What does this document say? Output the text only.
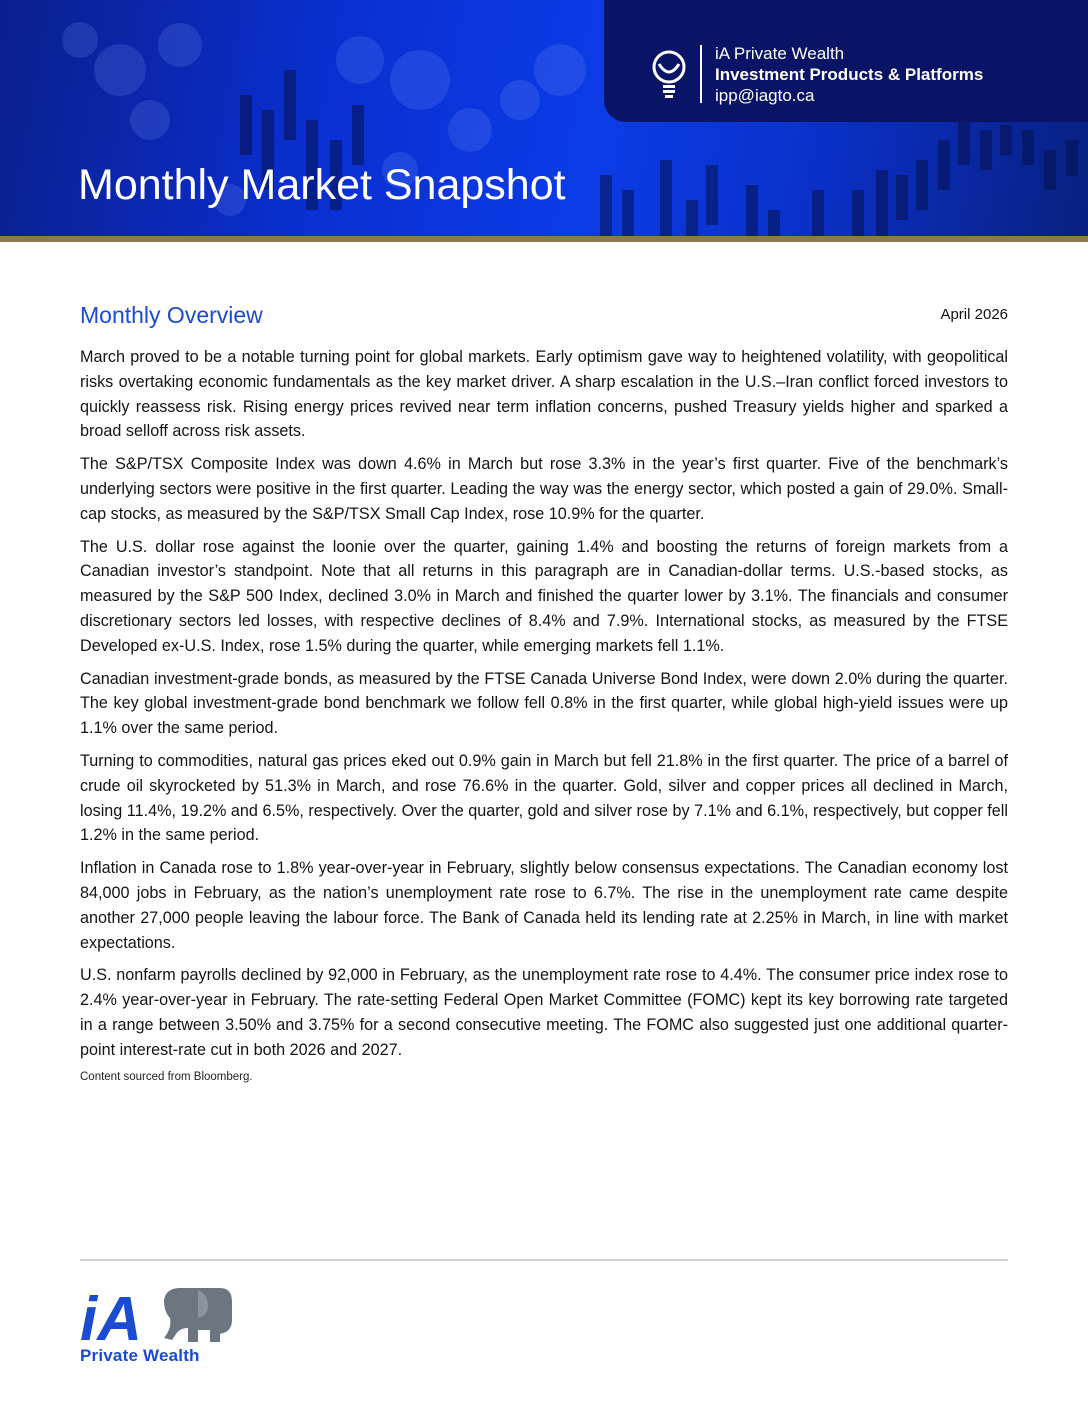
iA Private Wealth
Investment Products & Platforms
ipp@iagto.ca
Monthly Market Snapshot
Monthly Overview	April 2026

March proved to be a notable turning point for global markets. Early optimism gave way to heightened volatility, with geopolitical risks overtaking economic fundamentals as the key market driver. A sharp escalation in the U.S.–Iran conflict forced investors to quickly reassess risk. Rising energy prices revived near term inflation concerns, pushed Treasury yields higher and sparked a broad selloff across risk assets.

The S&P/TSX Composite Index was down 4.6% in March but rose 3.3% in the year’s first quarter. Five of the benchmark’s underlying sectors were positive in the first quarter. Leading the way was the energy sector, which posted a gain of 29.0%. Small-cap stocks, as measured by the S&P/TSX Small Cap Index, rose 10.9% for the quarter.

The U.S. dollar rose against the loonie over the quarter, gaining 1.4% and boosting the returns of foreign markets from a Canadian investor’s standpoint. Note that all returns in this paragraph are in Canadian-dollar terms. U.S.-based stocks, as measured by the S&P 500 Index, declined 3.0% in March and finished the quarter lower by 3.1%. The financials and consumer discretionary sectors led losses, with respective declines of 8.4% and 7.9%. International stocks, as measured by the FTSE Developed ex-U.S. Index, rose 1.5% during the quarter, while emerging markets fell 1.1%.

Canadian investment-grade bonds, as measured by the FTSE Canada Universe Bond Index, were down 2.0% during the quarter. The key global investment-grade bond benchmark we follow fell 0.8% in the first quarter, while global high-yield issues were up 1.1% over the same period.

Turning to commodities, natural gas prices eked out 0.9% gain in March but fell 21.8% in the first quarter. The price of a barrel of crude oil skyrocketed by 51.3% in March, and rose 76.6% in the quarter. Gold, silver and copper prices all declined in March, losing 11.4%, 19.2% and 6.5%, respectively. Over the quarter, gold and silver rose by 7.1% and 6.1%, respectively, but copper fell 1.2% in the same period.

Inflation in Canada rose to 1.8% year-over-year in February, slightly below consensus expectations. The Canadian economy lost 84,000 jobs in February, as the nation’s unemployment rate rose to 6.7%. The rise in the unemployment rate came despite another 27,000 people leaving the labour force. The Bank of Canada held its lending rate at 2.25% in March, in line with market expectations.

U.S. nonfarm payrolls declined by 92,000 in February, as the unemployment rate rose to 4.4%. The consumer price index rose to 2.4% year-over-year in February. The rate-setting Federal Open Market Committee (FOMC) kept its key borrowing rate targeted in a range between 3.50% and 3.75% for a second consecutive meeting. The FOMC also suggested just one additional quarter-point interest-rate cut in both 2026 and 2027.

Content sourced from Bloomberg.

iA
Private Wealth
